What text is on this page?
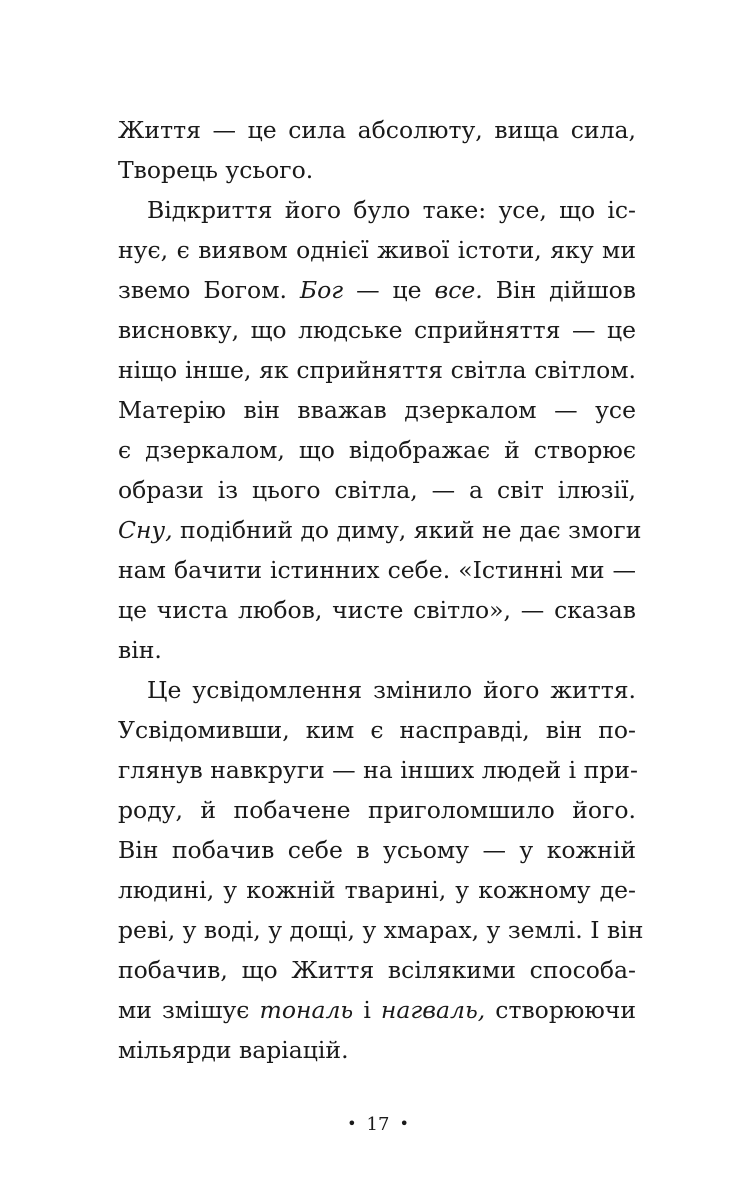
Життя — це сила абсолюту, вища сила,
Творець усього.
Відкриття його було таке: усе, що іс-
нує, є виявом однієї живої істоти, яку ми
звемо Богом. Бог — це все. Він дійшов
висновку, що людське сприйняття — це
ніщо інше, як сприйняття світла світлом.
Матерію він вважав дзеркалом — усе
є дзеркалом, що відображає й створює
образи із цього світла, — а світ ілюзії,
Сну, подібний до диму, який не дає змоги
нам бачити істинних себе. «Істинні ми —
це чиста любов, чисте світло», — сказав
він.
Це усвідомлення змінило його життя.
Усвідомивши, ким є насправді, він по-
глянув навкруги — на інших людей і при-
роду, й побачене приголомшило його.
Він побачив себе в усьому — у кожній
людині, у кожній тварині, у кожному де-
реві, у воді, у дощі, у хмарах, у землі. І він
побачив, що Життя всілякими способа-
ми змішує тональ і нагваль, створюючи
мільярди варіацій.
• 17 •
